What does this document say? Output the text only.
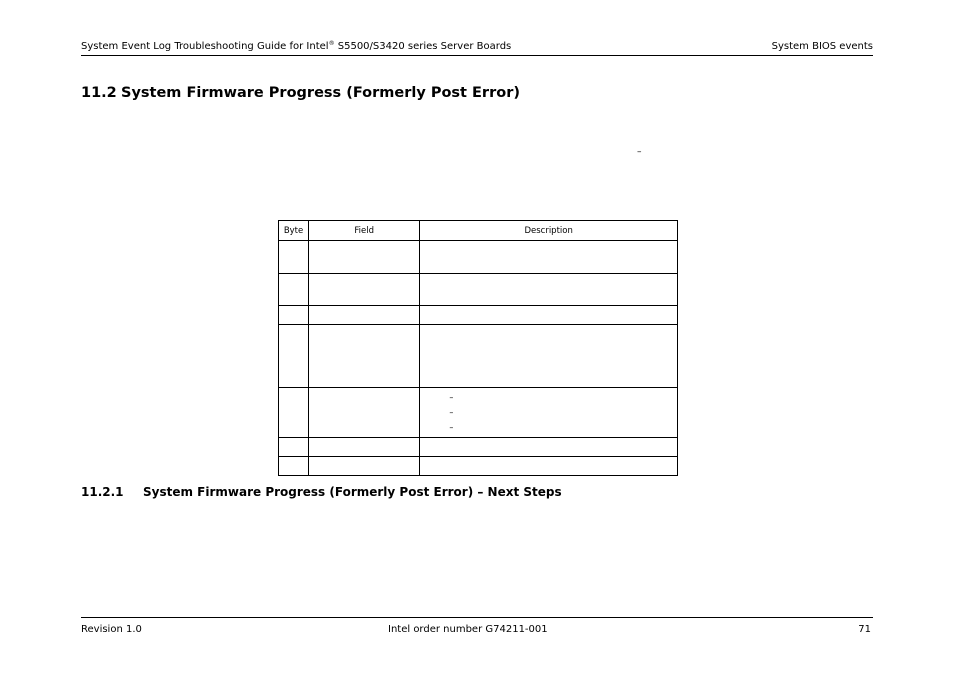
System Event Log Troubleshooting Guide for Intel® S5500/S3420 series Server Boards	System BIOS events
11.2 System Firmware Progress (Formerly Post Error)
–
Byte	Field	Description

		–
–
–

11.2.1 System Firmware Progress (Formerly Post Error) – Next Steps
Revision 1.0	Intel order number G74211-001	71
